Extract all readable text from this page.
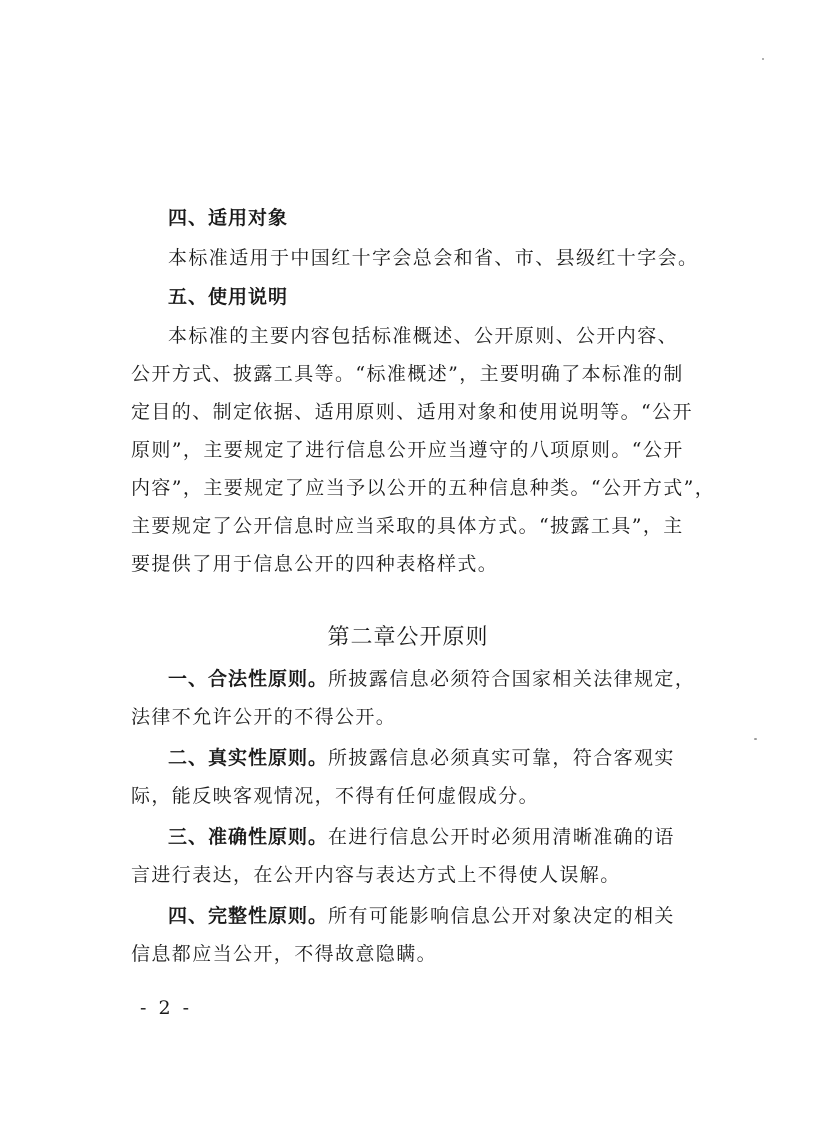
四、适用对象
本标准适用于中国红十字会总会和省、市、县级红十字会。
五、使用说明
本标准的主要内容包括标准概述、公开原则、公开内容、
公开方式、披露工具等。“标准概述”，主要明确了本标准的制
定目的、制定依据、适用原则、适用对象和使用说明等。“公开
原则”，主要规定了进行信息公开应当遵守的八项原则。“公开
内容”，主要规定了应当予以公开的五种信息种类。“公开方式”，
主要规定了公开信息时应当采取的具体方式。“披露工具”，主
要提供了用于信息公开的四种表格样式。
第二章公开原则
一、合法性原则。所披露信息必须符合国家相关法律规定，
法律不允许公开的不得公开。
二、真实性原则。所披露信息必须真实可靠，符合客观实
际，能反映客观情况，不得有任何虚假成分。
三、准确性原则。在进行信息公开时必须用清晰准确的语
言进行表达，在公开内容与表达方式上不得使人误解。
四、完整性原则。所有可能影响信息公开对象决定的相关
信息都应当公开，不得故意隐瞒。
- 2 -
